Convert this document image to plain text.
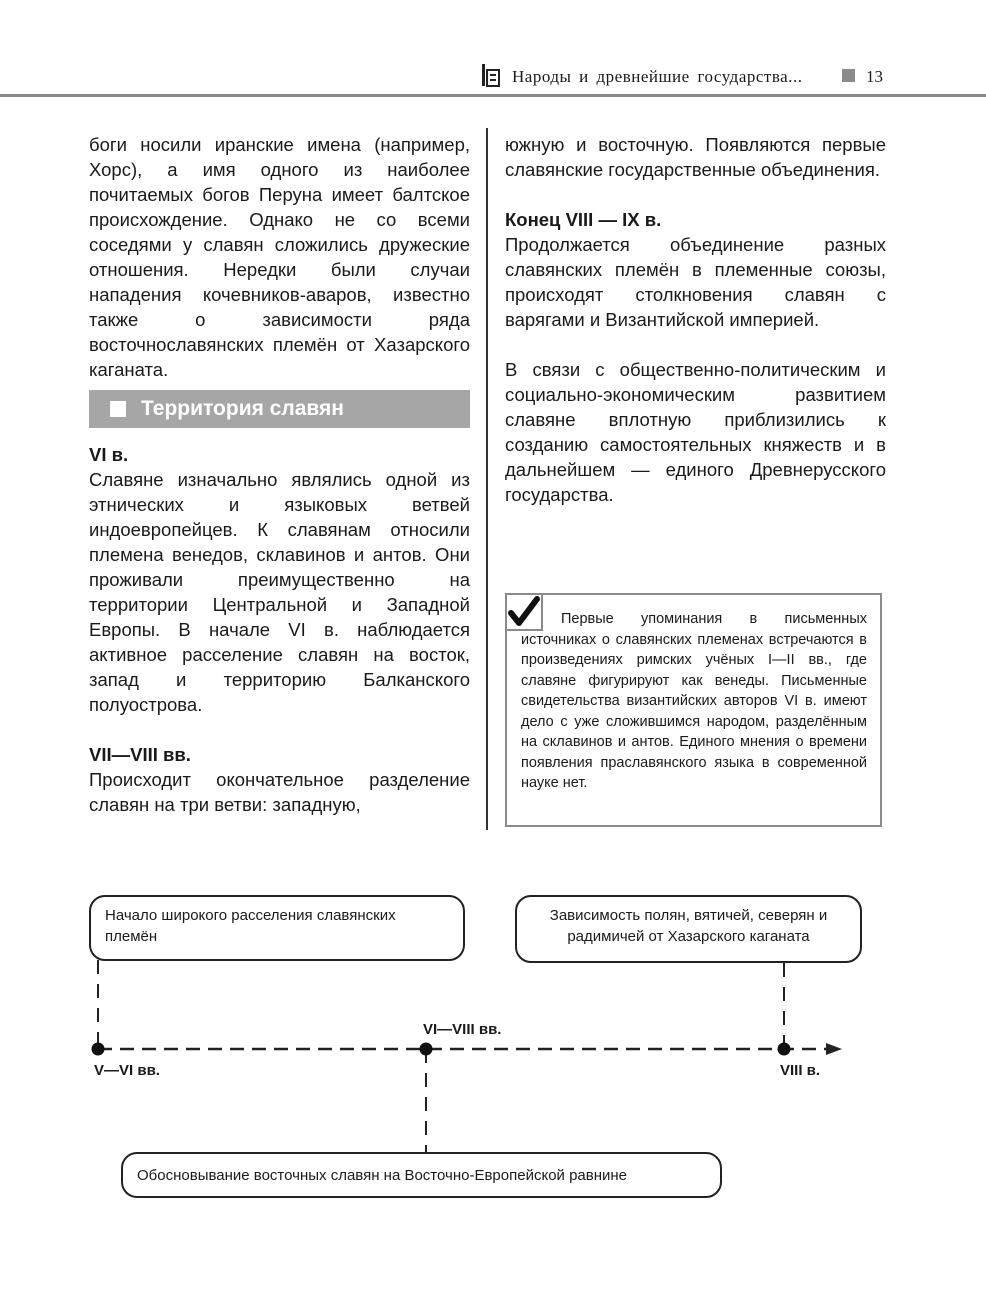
Народы и древнейшие государства...	13

боги носили иранские имена (например, Хорс), а имя одного из наиболее почитаемых богов Перуна имеет балтское происхождение. Однако не со всеми соседями у славян сложились дружеские отношения. Нередки были случаи нападения кочевников-аваров, известно также о зависимости ряда восточнославянских племён от Хазарского каганата.

Территория славян

VI в.

Славяне изначально являлись одной из этнических и языковых ветвей индоевропейцев. К славянам относили племена венедов, склавинов и антов. Они проживали преимущественно на территории Центральной и Западной Европы. В начале VI в. наблюдается активное расселение славян на восток, запад и территорию Балканского полуострова.

VII—VIII вв.

Происходит окончательное разделение славян на три ветви: западную,

южную и восточную. Появляются первые славянские государственные объединения.

Конец VIII — IX в.

Продолжается объединение разных славянских племён в племенные союзы, происходят столкновения славян с варягами и Византийской империей.

В связи с общественно-политическим и социально-экономическим развитием славяне вплотную приблизились к созданию самостоятельных княжеств и в дальнейшем — единого Древнерусского государства.

Первые упоминания в письменных источниках о славянских племенах встречаются в произведениях римских учёных I—II вв., где славяне фигурируют как венеды. Письменные свидетельства византийских авторов VI в. имеют дело с уже сложившимся народом, разделённым на склавинов и антов. Единого мнения о времени появления праславянского языка в современной науке нет.
Начало широкого расселения славянских племён
Зависимость полян, вятичей, северян и радимичей от Хазарского каганата
Обосновывание восточных славян на Восточно-Европейской равнине
V—VI вв.
VI—VIII вв.
VIII в.
